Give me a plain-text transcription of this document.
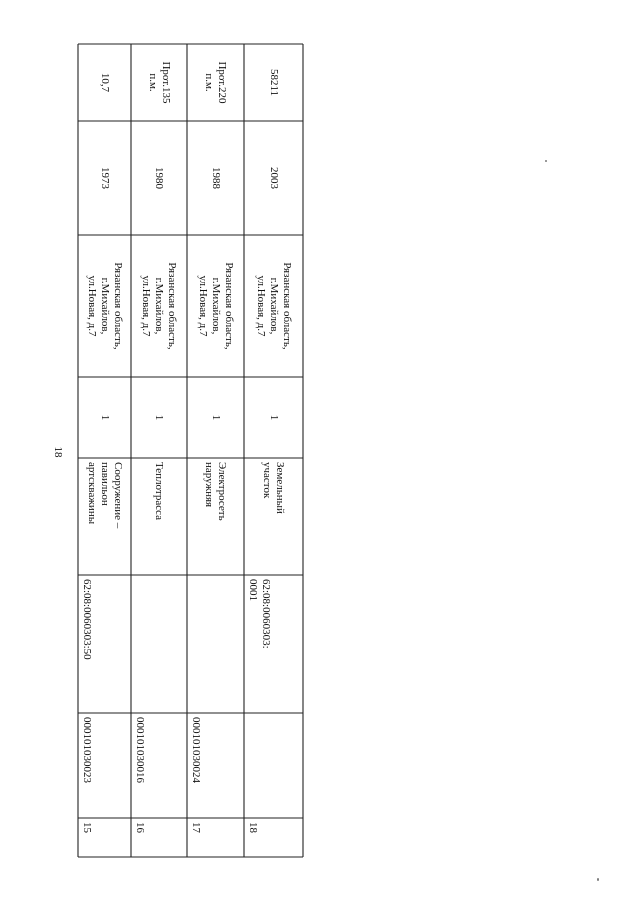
18
10,7
1973
Рязанская область,
г.Михайлов,
ул.Новая, д.7
1
Сооружение –
павильон
артскважины
62:08:0060303:50
000101030023
15
Прот.135
п.м.
1980
Рязанская область,
г.Михайлов,
ул.Новая, д.7
1
Теплотрасса
000101030016
16
Прот.220
п.м.
1988
Рязанская область,
г.Михайлов,
ул.Новая, д.7
1
Электросеть
наружняя
000101030024
17
58211
2003
Рязанская область,
г.Михайлов,
ул.Новая, д.7
1
Земельный
участок
62:08:0060303:
0001
18
